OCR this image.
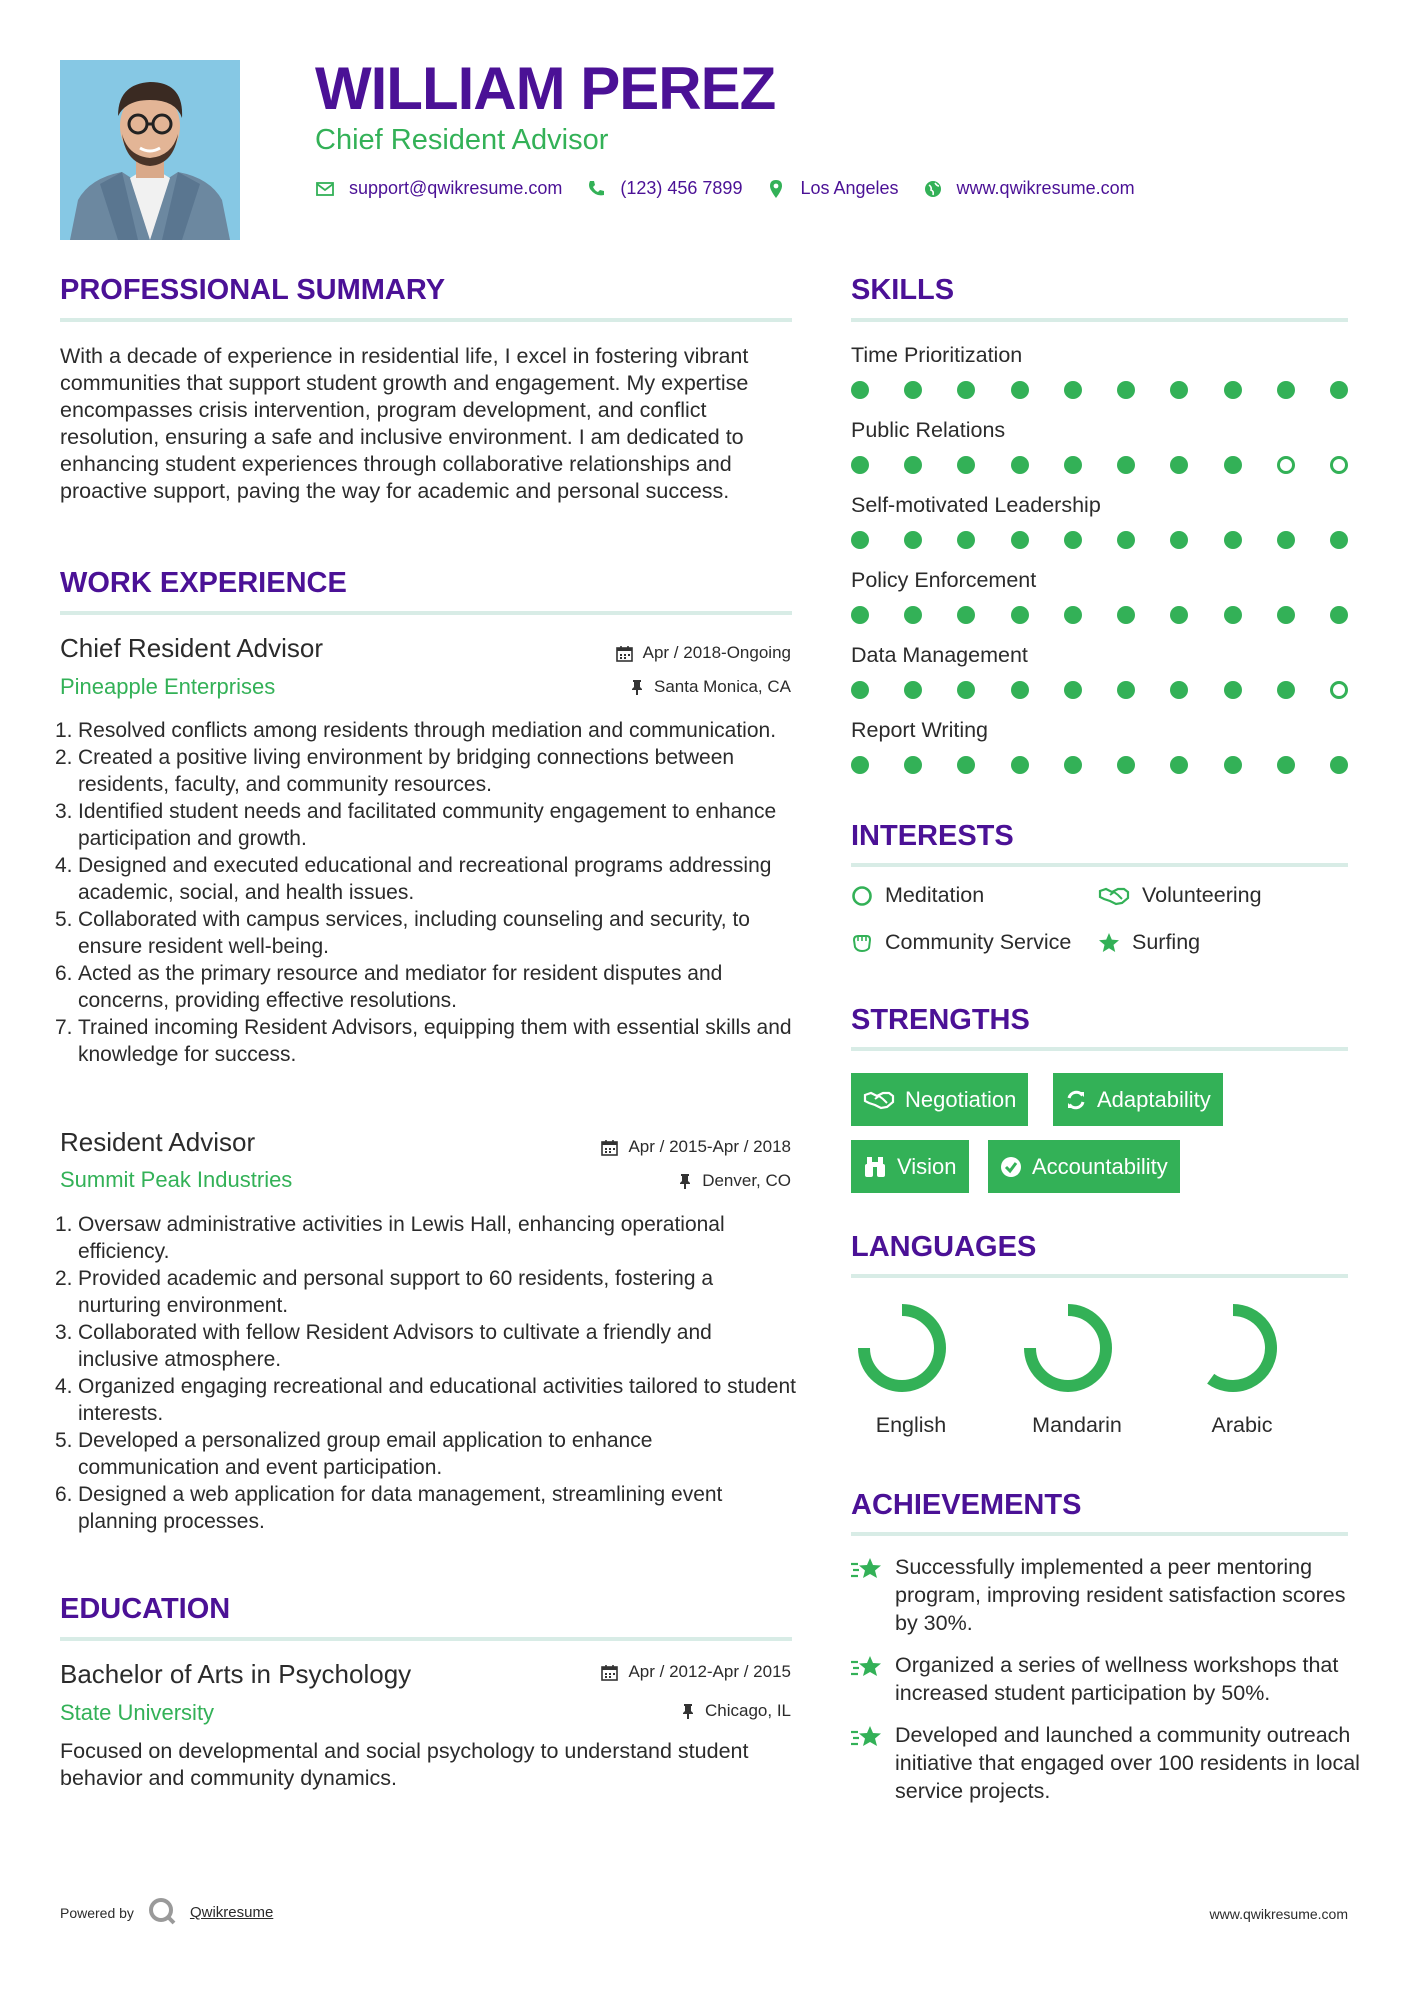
WILLIAM PEREZ
Chief Resident Advisor
support@qwikresume.com	(123) 456 7899	Los Angeles	www.qwikresume.com
PROFESSIONAL SUMMARY
With a decade of experience in residential life, I excel in fostering vibrant communities that support student growth and engagement. My expertise encompasses crisis intervention, program development, and conflict resolution, ensuring a safe and inclusive environment. I am dedicated to enhancing student experiences through collaborative relationships and proactive support, paving the way for academic and personal success.
WORK EXPERIENCE
Chief Resident Advisor
Pineapple Enterprises
Apr / 2018-Ongoing
Santa Monica, CA
1. Resolved conflicts among residents through mediation and communication.
2. Created a positive living environment by bridging connections between residents, faculty, and community resources.
3. Identified student needs and facilitated community engagement to enhance participation and growth.
4. Designed and executed educational and recreational programs addressing academic, social, and health issues.
5. Collaborated with campus services, including counseling and security, to ensure resident well-being.
6. Acted as the primary resource and mediator for resident disputes and concerns, providing effective resolutions.
7. Trained incoming Resident Advisors, equipping them with essential skills and knowledge for success.
Resident Advisor
Summit Peak Industries
Apr / 2015-Apr / 2018
Denver, CO
1. Oversaw administrative activities in Lewis Hall, enhancing operational efficiency.
2. Provided academic and personal support to 60 residents, fostering a nurturing environment.
3. Collaborated with fellow Resident Advisors to cultivate a friendly and inclusive atmosphere.
4. Organized engaging recreational and educational activities tailored to student interests.
5. Developed a personalized group email application to enhance communication and event participation.
6. Designed a web application for data management, streamlining event planning processes.
EDUCATION
Bachelor of Arts in Psychology
State University
Apr / 2012-Apr / 2015
Chicago, IL
Focused on developmental and social psychology to understand student behavior and community dynamics.
SKILLS
Time Prioritization
Public Relations
Self-motivated Leadership
Policy Enforcement
Data Management
Report Writing
INTERESTS
Meditation	Volunteering
Community Service	Surfing
STRENGTHS
Negotiation	Adaptability
Vision	Accountability
LANGUAGES
English	Mandarin	Arabic
ACHIEVEMENTS
Successfully implemented a peer mentoring program, improving resident satisfaction scores by 30%.
Organized a series of wellness workshops that increased student participation by 50%.
Developed and launched a community outreach initiative that engaged over 100 residents in local service projects.
Powered by	Qwikresume	www.qwikresume.com
